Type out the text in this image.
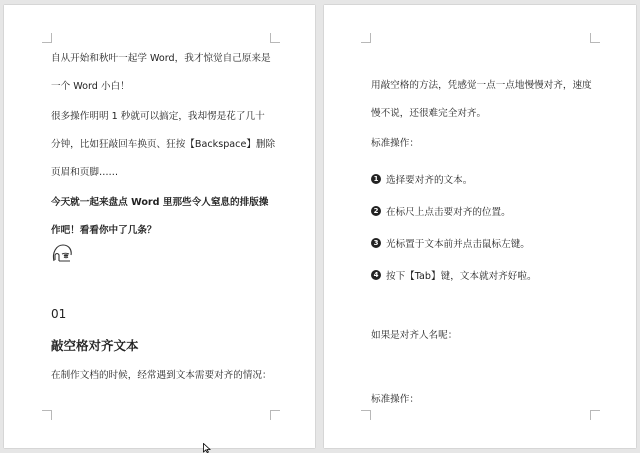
自从开始和秋叶一起学 Word，我才惊觉自己原来是
一个 Word 小白！

很多操作明明 1 秒就可以搞定，我却愣是花了几十
分钟，比如狂敲回车换页、狂按【Backspace】删除
页眉和页脚……

今天就一起来盘点 Word 里那些令人窒息的排版操
作吧！看看你中了几条？

01
敲空格对齐文本

在制作文档的时候，经常遇到文本需要对齐的情况：

用敲空格的方法，凭感觉一点一点地慢慢对齐，速度
慢不说，还很难完全对齐。

标准操作：

1 选择要对齐的文本。
2 在标尺上点击要对齐的位置。
3 光标置于文本前并点击鼠标左键。
4 按下【Tab】键，文本就对齐好啦。

如果是对齐人名呢：

标准操作：
